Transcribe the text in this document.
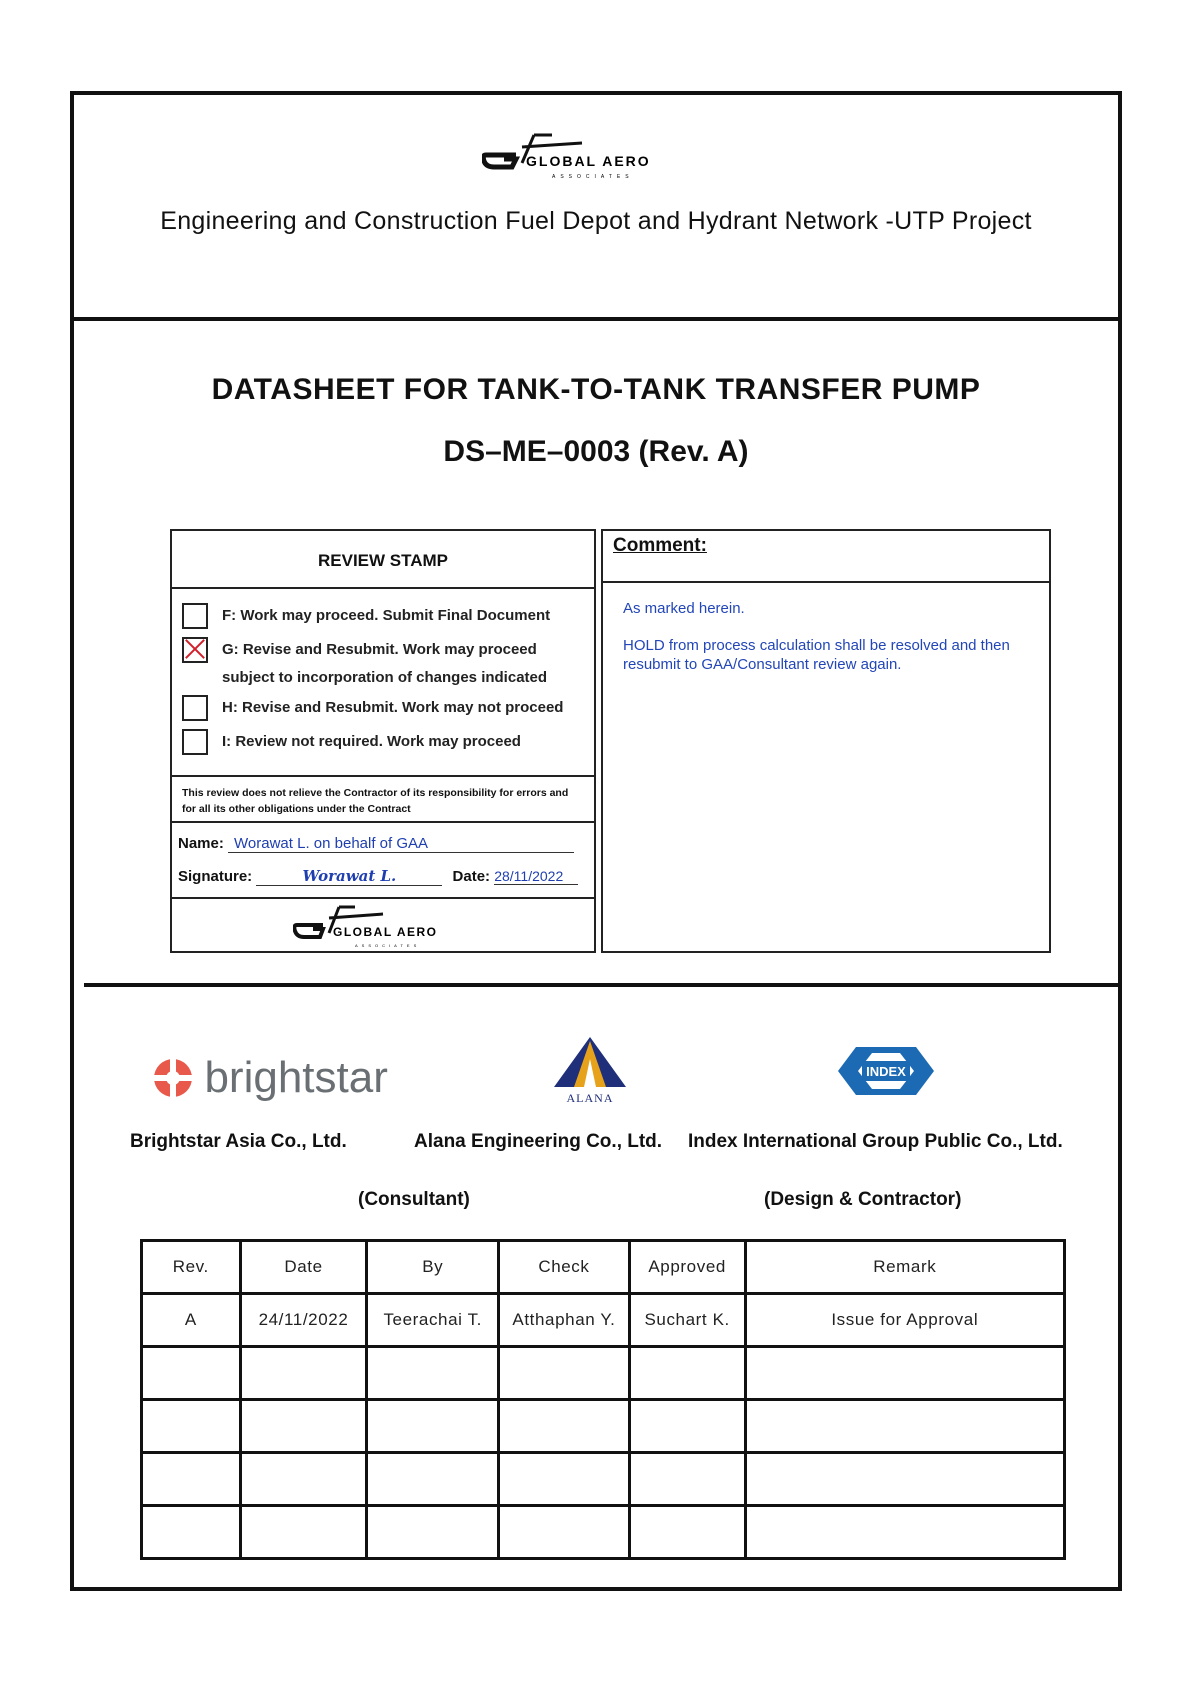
GLOBAL AERO
ASSOCIATES
Engineering and Construction Fuel Depot and Hydrant Network -UTP Project
DATASHEET FOR TANK-TO-TANK TRANSFER PUMP
DS–ME–0003 (Rev. A)
REVIEW STAMP
F: Work may proceed. Submit Final Document
G: Revise and Resubmit. Work may proceed
subject to incorporation of changes indicated
H: Revise and Resubmit. Work may not proceed
I: Review not required. Work may proceed
This review does not relieve the Contractor of its responsibility for errors and for all its other obligations under the Contract
Name: Worawat L. on behalf of GAA
Signature:	Worawat L.	Date: 28/11/2022
GLOBAL AERO
ASSOCIATES
Comment:

As marked herein.

HOLD from process calculation shall be resolved and then resubmit to GAA/Consultant review again.

brightstar	ALANA
INDEX
Brightstar Asia Co., Ltd.	Alana Engineering Co., Ltd. Index International Group Public Co., Ltd.
(Consultant)	(Design & Contractor)
Rev.	Date	By	Check	Approved	Remark
A	24/11/2022	Teerachai T.	Atthaphan Y.	Suchart K.	Issue for Approval
